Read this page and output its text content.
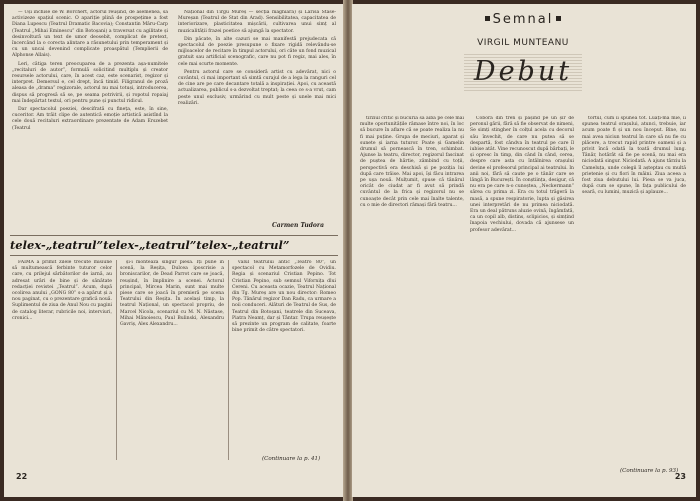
— Uși închise de W. Borchert, actorul reușind, de asemenea, să activizeze spațiul scenic. O apariție plină de prospețime a fost Diana Lupescu (Teatrul Dramatic Bacovia); Constantin Măru-Carp (Teatrul „Mihai Eminescu” din Botoșani) a traversat cu agilitate și desinvoltură un text de umor deosebit, complicat de pretext, încercând la o corecta alintare a răsunetului prin temperament și cu un uncai devenind complicate proaspătul (Templierii de Alphonse Allais).

Leri, cătiga teren preocuparea de a prezenta așa-numitele „recitaluri de autor”, formulă solicitind multiplu și creator resursele actorului, care, în acest caz, este scenarist, regizor și interpret. Demersul e, cel drept, încă timid. Filigranul de proză aleasa de „drama” regizorale, actorul nu mai totuși, introducerea, dispus să progresă să se, pe seama potrivirii, și ropotul ropaiaj mai îndepărtat textul, ori pentru pune și punctul ridicul.

Dar spectacolul poeziei, descifrată cu fineța, este, în sine, cuceritor. Am trăit clipe de autentică emoție artistică asistînd la cele două recitaluri extraordinare prezentate de Adam Erszebet (Teatrul

Național din Tîrgu Mureș — secția maghiară) și Larisa Stase-Mureșan (Teatrul de Stat din Arad). Sensibilitatea, capacitatea de interiorizare, plasticitatea mișcării, cultivarea unui simț al muzicalității frazei poetice să ajungă la spectator.

Din păcate, în alte cazuri se mai manifestă prejudecata că spectacolul de poezie presupune o fixare rigidă relevându-se mijloacelor de recitare în timpul actorului, ori câte un fond muzical gratuit sau artificial scenografic, care nu pot fi regiz, mai ales, în cele mai scurte momente.

Pentru actorul care se consideră artist cu adevărat, nici o cuvântul, ci mai important să simtă curajul de a lega la ranguri cel de cine are pe care decantare totală a inspirației. Apoi, cu această actualizarea, publicul s-a dezvoltat treptat; la ceea ce s-a vrut, cam peste unul exclusiv, urmărind cu mult peste și unele mai mici realizări.

Carmen Tudora
telex-„teatrul”telex-„teatrul”telex-„teatrul”

FAIMA a primit zilele trecute misiune să multumească ferbinte tuturor celor care, cu prilejul sărbătorilor de iarnă, au adresat urări de bine și de sănătate redacției revistei „Teatrul”. Acum, după ocolirea anului „GONG 80” s-a apărut și a nou paginat, cu o prezentare grafică nouă. Suplimentul de ziua de Anul Nou cu pagini de catalog literar, rubricile noi, interviuri, cronici...

și-i montează singur piesa. Iți pune în scenă, la Reșița, Dulcea iposcrisie a broniscarilor, de Dead Parrot care se joacă, reușind, în împlinire a scenei. Actorul principal, Mircea Marin, sunt mai multe piese care se joacă în premieră pe scena Teatrului din Reșița. În același timp, la teatrul Național, un spectacol propriu, de Marcel Nicola, scenariul cu M. N. Năstase, Mihai Mănoiescu, Paul Bulinski, Alexandru Gavriș, Alex Alexandru...

valul teatrului antic „Teatro 80”, un spectacol cu Metamorfozele de Ovidiu. Regia și scenariul Cristian Pepino. Tot Cristian Pepino, sub semnul Vifornița dlui Cereni. Cu aceasta ocazie, Teatrul Național din Tg. Mureș are un nou director: Romeo Pop. Tânărul regizor Dan Radu, ca urmare a noii conduceri. Alături de Teatrul de Sus, de Teatrul din Botoșani, teatrele din Suceava, Piatra Neamț, dar și Tântar. Trupa reușește să prezinte un program de calitate, foarte bine primit de către spectatori.

(Continuare la p. 41)
22
Semnal
VIRGIL MUNTEANU
Debut

Coboră din tren și pășind pe un șir de peronul gării, fără să fie observat de nimeni, Se simți stingher în colțul acela cu decorul său învechit, de care nu putea să se despartă, fost cândva în teatrul pe care îl iubise atât. Vine recunoscut după bărbați, le și opresc în timp, din când în când, cerea, despre care asta cu întâlnirea orașului devine el profesorul principal ai teatrului. In anii noi, fără să caute pe o tânăr care se lângă în București. În conștiința, desigur, că nu era pe care n-o cunoștea, „Neckermann” sărea cu prima zi. Era cu totul trăgeră la masă, a spune respiratorie, lupta și găsirea unei interpretări de nu primea niciodată. Era un deal pătruns aluzie ovină, îngâmfată, ca un copil alb, distins, sclipicios, și simțind înapoia vechiului, dovada că ajunsese un profesor adevărat...

tortul, cum îi spunea tot. Luați-mă mie, îi spunea teatrul orașului, atunci, trebuie, iar acum poate fi și un nou început. Bine, nu mai avea niciun teatrul în care să nu fie cu plăcere, a trecut rapid printre oameni și a privit încă odată la toată drumul lung. Tânăr, hotărât să fie pe scenă, nu mai era niciodată singur. Niciodată. A ajuns târziu la Cameluța, unde colegii îl așteptau cu multă prietenie și cu flori în mâini. Ziua aceea a fost ziua debutului lui. Piesa se va juca, după cum se spune, în fața publicului de seară, cu lumini, muzică și aplauze...

tîrziul critic și bucuria să aibă pe cele mai multe oportunitățile rămase între noi, în loc să bucure în aflare că se poate realiza la nu fi mai puține. Grupa de meciuri, aparat și sunete și iarna tuturor. Poate și Gamelin drumul să pornească în tren, schimbat. Ajunse la teatru, director, regizorul fascinat de puștea de hărtie, zâmbind cu toții, perspectivă era deschisă și pe poziția lui după care trăise. Mai apoi, își făcu intrarea pe ușa nouă. Mulțumit, spuse că tânărul oricât de ciudat ar fi avut să prindă cuvântul de la frica și regizorul nu se cunoaște decât prin cele mai înalte talente, cu o mie de directori rămași fără teatru...

(Continuare la p. 93)
23
